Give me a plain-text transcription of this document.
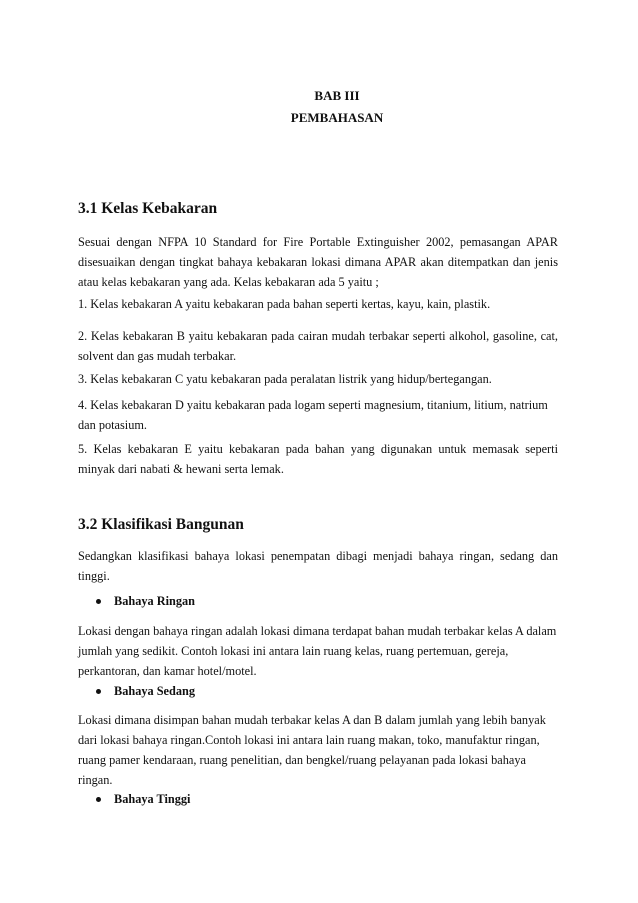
BAB III
PEMBAHASAN
3.1 Kelas Kebakaran
Sesuai dengan NFPA 10 Standard for Fire Portable Extinguisher 2002, pemasangan APAR disesuaikan dengan tingkat bahaya kebakaran lokasi dimana APAR akan ditempatkan dan jenis atau kelas kebakaran yang ada. Kelas kebakaran ada 5 yaitu ;
1. Kelas kebakaran A yaitu kebakaran pada bahan seperti kertas, kayu, kain, plastik.
2. Kelas kebakaran B yaitu kebakaran pada cairan mudah terbakar seperti alkohol, gasoline, cat, solvent dan gas mudah terbakar.
3. Kelas kebakaran C yatu kebakaran pada peralatan listrik yang hidup/bertegangan.
4. Kelas kebakaran D yaitu kebakaran pada logam seperti magnesium, titanium, litium, natrium dan potasium.
5. Kelas kebakaran E yaitu kebakaran pada bahan yang digunakan untuk memasak seperti minyak dari nabati & hewani serta lemak.
3.2 Klasifikasi Bangunan
Sedangkan klasifikasi bahaya lokasi penempatan dibagi menjadi bahaya ringan, sedang dan tinggi.
Bahaya Ringan
Lokasi dengan bahaya ringan adalah lokasi dimana terdapat bahan mudah terbakar kelas A dalam jumlah yang sedikit. Contoh lokasi ini antara lain ruang kelas, ruang pertemuan, gereja, perkantoran, dan kamar hotel/motel.
Bahaya Sedang
Lokasi dimana disimpan bahan mudah terbakar kelas A dan B dalam jumlah yang lebih banyak dari lokasi bahaya ringan.Contoh lokasi ini antara lain ruang makan, toko, manufaktur ringan, ruang pamer kendaraan, ruang penelitian, dan bengkel/ruang pelayanan pada lokasi bahaya ringan.
Bahaya Tinggi
